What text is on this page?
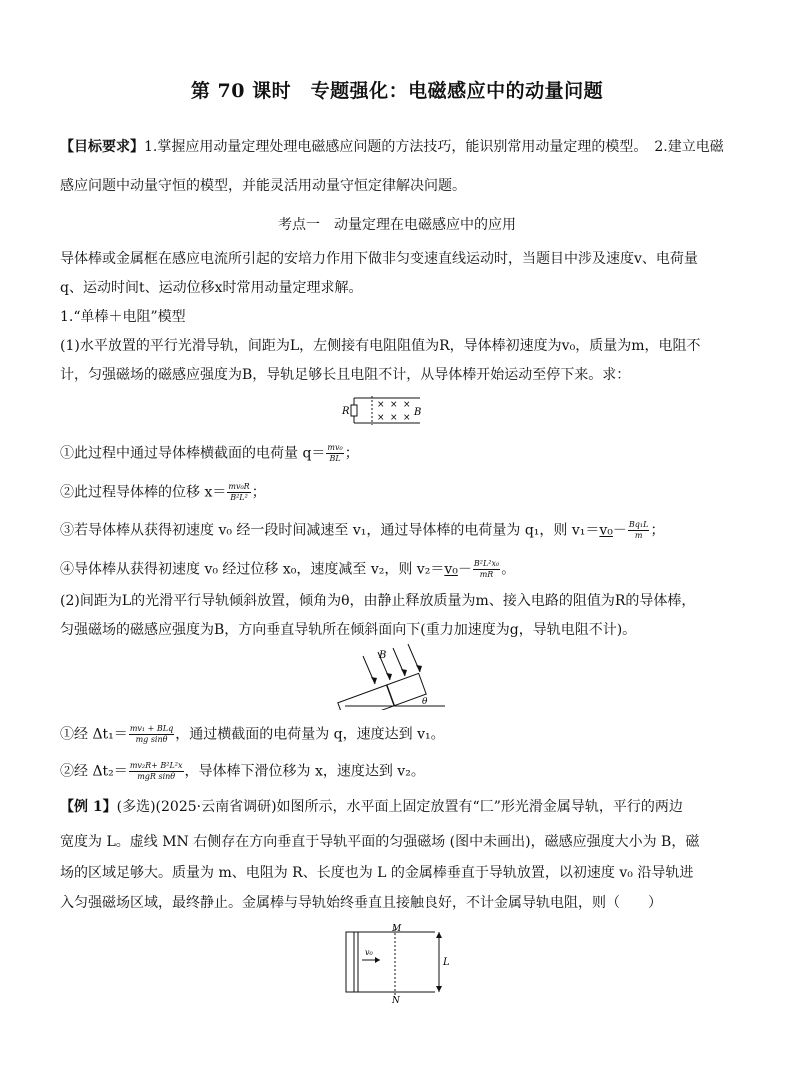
第 70 课时　专题强化：电磁感应中的动量问题
【目标要求】1.掌握应用动量定理处理电磁感应问题的方法技巧，能识别常用动量定理的模型。　2.建立电磁
感应问题中动量守恒的模型，并能灵活用动量守恒定律解决问题。
考点一　动量定理在电磁感应中的应用
导体棒或金属框在感应电流所引起的安培力作用下做非匀变速直线运动时，当题目中涉及速度v、电荷量
q、运动时间t、运动位移x时常用动量定理求解。
1.“单棒＋电阻”模型
(1)水平放置的平行光滑导轨，间距为L，左侧接有电阻阻值为R，导体棒初速度为v₀，质量为m，电阻不
计，匀强磁场的磁感应强度为B，导轨足够长且电阻不计，从导体棒开始运动至停下来。求：
R
× × ×
× × × B
①此过程中通过导体棒横截面的电荷量 $q= \frac{\text{mv₀}}{BL}$ ；
②此过程导体棒的位移 $x= \frac{\text{mv₀R}}{\text{B²L²}}$ ；
③若导体棒从获得初速度 v₀ 经一段时间减速至 v₁，通过导体棒的电荷量为 q₁，则 $v_1=v_0- \frac{\text{Bq₁L}}{m}$ ；
④导体棒从获得初速度 v₀ 经过位移 x₀，速度减至 v₂，则 $v_2=v_0- \frac{\text{B²L²x₀}}{mR}$ 。
(2)间距为L的光滑平行导轨倾斜放置，倾角为θ，由静止释放质量为m、接入电路的阻值为R的导体棒，
匀强磁场的磁感应强度为B，方向垂直导轨所在倾斜面向下(重力加速度为g，导轨电阻不计)。
B
θ
①经 $\Delta t_1= \frac{\text{mv₁ + BLq}}{\text{mg sinθ}}$ ，通过横截面的电荷量为 q，速度达到 v₁。
②经 $\Delta t_2= \frac{\text{mv₂R+ B²L²x}}{\text{mgR sinθ}}$ ，导体棒下滑位移为 x，速度达到 v₂。
【例 1】(多选)(2025·云南省调研)如图所示，水平面上固定放置有“匚”形光滑金属导轨，平行的两边
宽度为 L。虚线 MN 右侧存在方向垂直于导轨平面的匀强磁场 (图中未画出)，磁感应强度大小为 B，磁
场的区域足够大。质量为 m、电阻为 R、长度也为 L 的金属棒垂直于导轨放置，以初速度 v₀ 沿导轨进
入匀强磁场区域，最终静止。金属棒与导轨始终垂直且接触良好，不计金属导轨电阻，则（　　）
M
N
v₀
L
